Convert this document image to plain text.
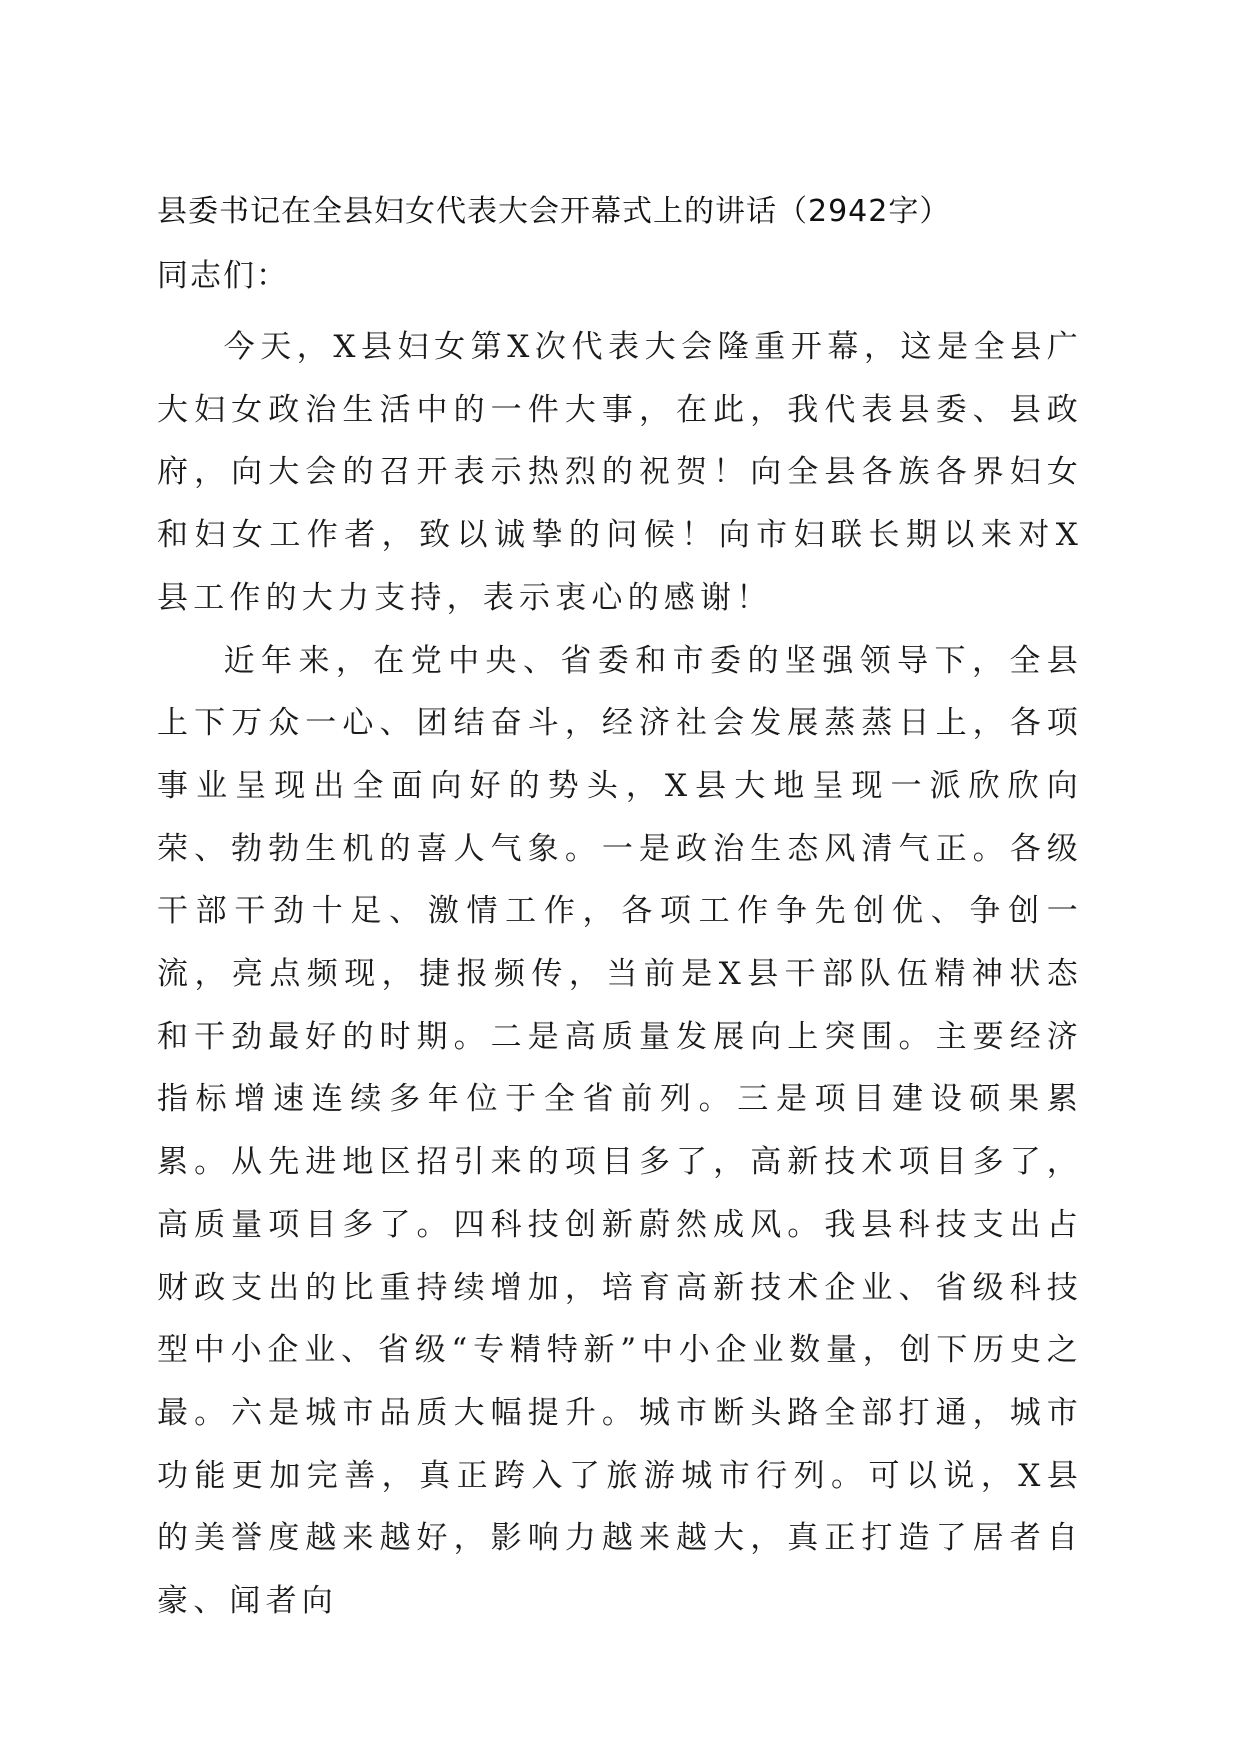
县委书记在全县妇女代表大会开幕式上的讲话（2942字）
同志们：

今天，X县妇女第X次代表大会隆重开幕，这是全县广大妇女政治生活中的一件大事，在此，我代表县委、县政府，向大会的召开表示热烈的祝贺！向全县各族各界妇女和妇女工作者，致以诚挚的问候！向市妇联长期以来对X县工作的大力支持，表示衷心的感谢！

近年来，在党中央、省委和市委的坚强领导下，全县上下万众一心、团结奋斗，经济社会发展蒸蒸日上，各项事业呈现出全面向好的势头，X县大地呈现一派欣欣向荣、勃勃生机的喜人气象。一是政治生态风清气正。各级干部干劲十足、激情工作，各项工作争先创优、争创一流，亮点频现，捷报频传，当前是X县干部队伍精神状态和干劲最好的时期。二是高质量发展向上突围。主要经济指标增速连续多年位于全省前列。三是项目建设硕果累累。从先进地区招引来的项目多了，高新技术项目多了，高质量项目多了。四科技创新蔚然成风。我县科技支出占财政支出的比重持续增加，培育高新技术企业、省级科技型中小企业、省级“专精特新”中小企业数量，创下历史之最。六是城市品质大幅提升。城市断头路全部打通，城市功能更加完善，真正跨入了旅游城市行列。可以说，X县的美誉度越来越好，影响力越来越大，真正打造了居者自豪、闻者向
